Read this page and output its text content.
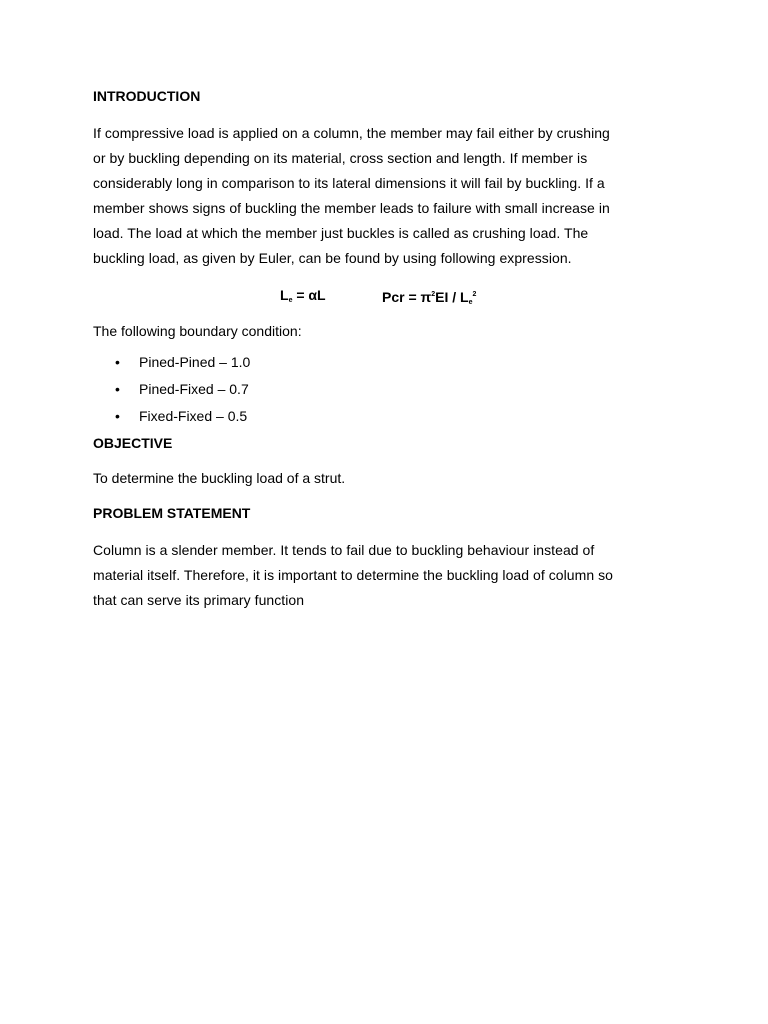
INTRODUCTION
If compressive load is applied on a column, the member may fail either by crushing
or by buckling depending on its material, cross section and length. If member is
considerably long in comparison to its lateral dimensions it will fail by buckling. If a
member shows signs of buckling the member leads to failure with small increase in
load. The load at which the member just buckles is called as crushing load. The
buckling load, as given by Euler, can be found by using following expression.
$L_e = \alpha L$	Pcr = $\pi^2EI / L_e^2$
The following boundary condition:
• Pined-Pined – 1.0
• Pined-Fixed – 0.7
• Fixed-Fixed – 0.5
OBJECTIVE
To determine the buckling load of a strut.
PROBLEM STATEMENT
Column is a slender member. It tends to fail due to buckling behaviour instead of
material itself. Therefore, it is important to determine the buckling load of column so
that can serve its primary function
